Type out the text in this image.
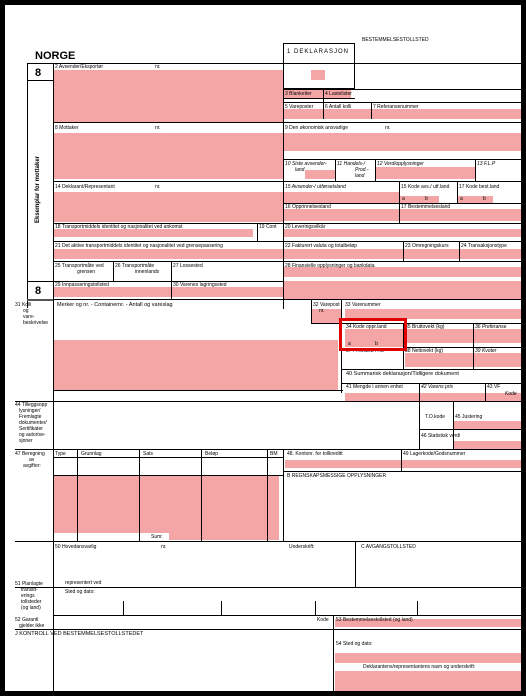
BESTEMMELSESTOLLSTED
1 DEKLARASJON
NORGE
8
8
Eksemplar for mottaker
2 Avsender/Eksportør	nr.
3 Blanketter	4 Lastelister
5 Vareposter 6 Antall kolli	7 Referansenummer
8 Mottaker	nr.	9 Den økonomisk ansvarlige	nr.
10 Siste avsender-
land
11 Handels-/
Prod.-
land
12 Verdiopplysninger	13 F.L.P
14 Deklarant/Representant	nr.	15 Avsender-/ utførselsland	15 Kode avs./ utf.land 17 Kode best.land
a	b	a	b
16 Opprinnelsesland	17 Bestemmelsesland
18 Transportmiddels identitet og nasjonalitet ved ankomst	19 Cont 20 Leveringsvilkår
21 Det aktive transportmiddels identitet og nasjonalitet ved grensepassering	22 Fakturert valuta og totalbeløp	23 Omregningskurs 24 Transaksjonstype
25 Transportmåte ved
grensen
26 Transportmåte
innenlands
27 Lossested	28 Finansielle opplysninger og bankdata
29 Innpasseringstollsted	30 Varenes lagringssted
31 Kolli
og
vare-
beskrivelse
Merker og nr. - Containernr. - Antall og vareslag	32 Varepost
nr.
33 Varenummer
34 Kode oppr.land
a	b
35 Bruttovekt (kg)	36 Preferanse
37 PROSEDYRE	38 Nettovekt (kg)	39 Kvoter
40 Summarisk deklarasjon/Tidligere dokument
41 Mengde i annen enhet	42 Varens pris	43 VF
Kode
44 Tilleggsopp
lysninger/
Fremlagte
dokumenter/
Sertifikater
og autorise-
sjoner
T.O.kode 45 Justering
46 Statistisk verdi
47 Beregning
av
avgifter:
Type	Grunnlag	Sats	Beløp	BM 48. Kontonr. for tollkreditt	49 Lagerkode/Godsnummer
B REGNSKAPSMESSIGE OPPLYSNINGER
Sum:
50 Hovedansvarlig	nr.	Underskrift:	C AVGANGSTOLLSTED
representert ved
Sted og dato:
51 Planlagte
transitt-
erings
tollsteder
(og land)
52 Garanti
gjelder ikke
Kode 53 Bestemmelsestollsted (og land)
J KONTROLL VED BESTEMMELSESTOLLSTEDET
54 Sted og dato:
Deklarantens/representantens navn og underskrift:
